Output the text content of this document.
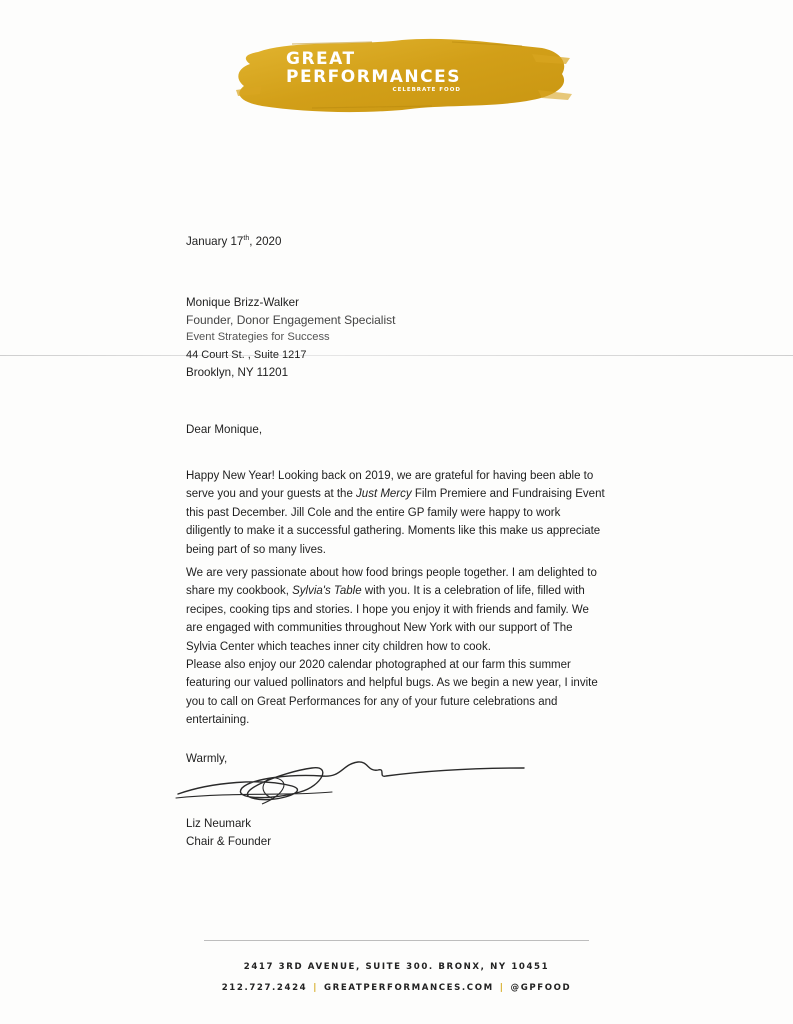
GREAT
PERFORMANCES
CELEBRATE FOOD
January 17th, 2020
Monique Brizz-Walker
Founder, Donor Engagement Specialist
Event Strategies for Success
44 Court St. , Suite 1217
Brooklyn, NY 11201
Dear Monique,
Happy New Year! Looking back on 2019, we are grateful for having been able to serve you and your guests at the Just Mercy Film Premiere and Fundraising Event this past December. Jill Cole and the entire GP family were happy to work diligently to make it a successful gathering. Moments like this make us appreciate being part of so many lives.
We are very passionate about how food brings people together. I am delighted to share my cookbook, Sylvia's Table with you. It is a celebration of life, filled with recipes, cooking tips and stories. I hope you enjoy it with friends and family. We are engaged with communities throughout New York with our support of The Sylvia Center which teaches inner city children how to cook.
Please also enjoy our 2020 calendar photographed at our farm this summer featuring our valued pollinators and helpful bugs. As we begin a new year, I invite you to call on Great Performances for any of your future celebrations and entertaining.
Warmly,
Liz Neumark
Chair & Founder
2417 3RD AVENUE, SUITE 300. BRONX, NY 10451
212.727.2424 | GREATPERFORMANCES.COM | @GPFOOD
